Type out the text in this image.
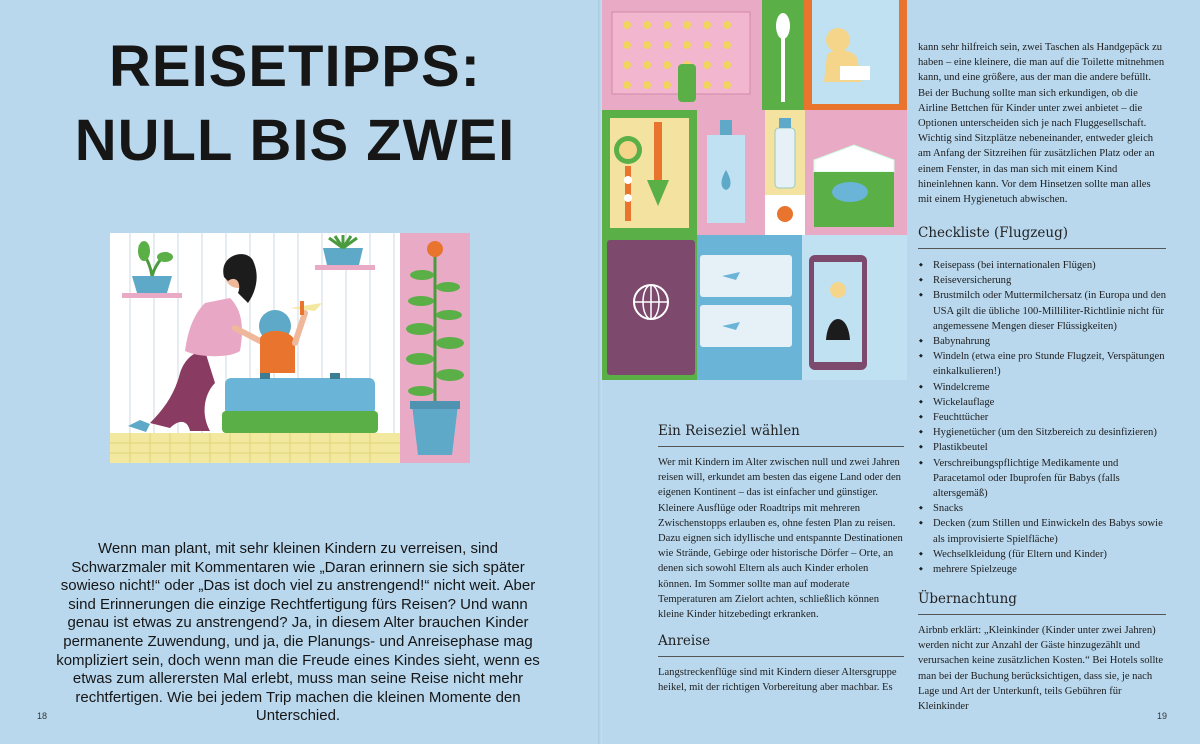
REISETIPPS:
NULL BIS ZWEI
Wenn man plant, mit sehr kleinen Kindern zu verreisen, sind Schwarzmaler mit Kommentaren wie „Daran erinnern sie sich später sowieso nicht!“ oder „Das ist doch viel zu anstrengend!“ nicht weit. Aber sind Erinnerungen die einzige Rechtfertigung fürs Reisen? Und wann genau ist etwas zu anstrengend? Ja, in diesem Alter brauchen Kinder permanente Zuwendung, und ja, die Planungs- und Anreisephase mag kompliziert sein, doch wenn man die Freude eines Kindes sieht, wenn es etwas zum allerersten Mal erlebt, muss man seine Reise nicht mehr rechtfertigen. Wie bei jedem Trip machen die kleinen Momente den Unterschied.
18
kann sehr hilfreich sein, zwei Taschen als Handgepäck zu haben – eine kleinere, die man auf die Toilette mitnehmen kann, und eine größere, aus der man die andere befüllt. Bei der Buchung sollte man sich erkundigen, ob die Airline Bettchen für Kinder unter zwei anbietet – die Optionen unterscheiden sich je nach Fluggesellschaft. Wichtig sind Sitzplätze nebeneinander, entweder gleich am Anfang der Sitzreihen für zusätzlichen Platz oder an einem Fenster, in das man sich mit einem Kind hineinlehnen kann. Vor dem Hinsetzen sollte man alles mit einem Hygienetuch abwischen.
Ein Reiseziel wählen
Wer mit Kindern im Alter zwischen null und zwei Jahren reisen will, erkundet am besten das eigene Land oder den eigenen Kontinent – das ist einfacher und günstiger. Kleinere Ausflüge oder Roadtrips mit mehreren Zwischenstopps erlauben es, ohne festen Plan zu reisen. Dazu eignen sich idyllische und entspannte Destinationen wie Strände, Gebirge oder historische Dörfer – Orte, an denen sich sowohl Eltern als auch Kinder erholen können. Im Sommer sollte man auf moderate Temperaturen am Zielort achten, schließlich können kleine Kinder hitzebedingt erkranken.
Anreise
Langstreckenflüge sind mit Kindern dieser Altersgruppe heikel, mit der richtigen Vorbereitung aber machbar. Es
Checkliste (Flugzeug)
◆ Reisepass (bei internationalen Flügen)
◆ Reiseversicherung
◆ Brustmilch oder Muttermilchersatz (in Europa und den USA gilt die übliche 100-Milliliter-Richtlinie nicht für angemessene Mengen dieser Flüssigkeiten)
◆ Babynahrung
◆ Windeln (etwa eine pro Stunde Flugzeit, Verspätungen einkalkulieren!)
◆ Windelcreme
◆ Wickelauflage
◆ Feuchttücher
◆ Hygienetücher (um den Sitzbereich zu desinfizieren)
◆ Plastikbeutel
◆ Verschreibungspflichtige Medikamente und Paracetamol oder Ibuprofen für Babys (falls altersgemäß)
◆ Snacks
◆ Decken (zum Stillen und Einwickeln des Babys sowie als improvisierte Spielfläche)
◆ Wechselkleidung (für Eltern und Kinder)
◆ mehrere Spielzeuge
Übernachtung
Airbnb erklärt: „Kleinkinder (Kinder unter zwei Jahren) werden nicht zur Anzahl der Gäste hinzugezählt und verursachen keine zusätzlichen Kosten.“ Bei Hotels sollte man bei der Buchung berücksichtigen, dass sie, je nach Lage und Art der Unterkunft, teils Gebühren für Kleinkinder
19
